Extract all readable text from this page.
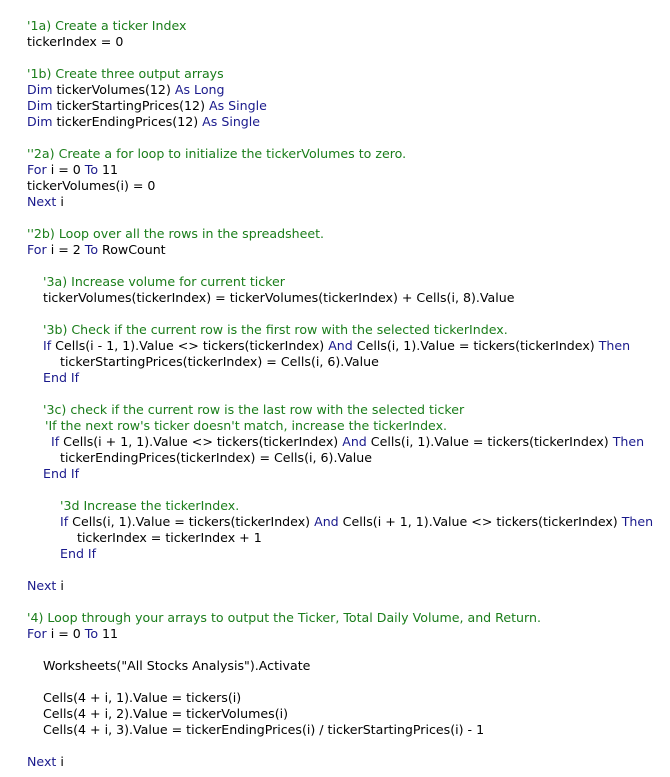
'1a) Create a ticker Index
tickerIndex = 0
'1b) Create three output arrays
Dim tickerVolumes(12) As Long
Dim tickerStartingPrices(12) As Single
Dim tickerEndingPrices(12) As Single
''2a) Create a for loop to initialize the tickerVolumes to zero.
For i = 0 To 11
tickerVolumes(i) = 0
Next i
''2b) Loop over all the rows in the spreadsheet.
For i = 2 To RowCount
'3a) Increase volume for current ticker
tickerVolumes(tickerIndex) = tickerVolumes(tickerIndex) + Cells(i, 8).Value
'3b) Check if the current row is the first row with the selected tickerIndex.
If Cells(i - 1, 1).Value <> tickers(tickerIndex) And Cells(i, 1).Value = tickers(tickerIndex) Then
tickerStartingPrices(tickerIndex) = Cells(i, 6).Value
End If
'3c) check if the current row is the last row with the selected ticker
'If the next row's ticker doesn't match, increase the tickerIndex.
If Cells(i + 1, 1).Value <> tickers(tickerIndex) And Cells(i, 1).Value = tickers(tickerIndex) Then
tickerEndingPrices(tickerIndex) = Cells(i, 6).Value
End If
'3d Increase the tickerIndex.
If Cells(i, 1).Value = tickers(tickerIndex) And Cells(i + 1, 1).Value <> tickers(tickerIndex) Then
tickerIndex = tickerIndex + 1
End If
Next i
'4) Loop through your arrays to output the Ticker, Total Daily Volume, and Return.
For i = 0 To 11
Worksheets("All Stocks Analysis").Activate
Cells(4 + i, 1).Value = tickers(i)
Cells(4 + i, 2).Value = tickerVolumes(i)
Cells(4 + i, 3).Value = tickerEndingPrices(i) / tickerStartingPrices(i) - 1
Next i
